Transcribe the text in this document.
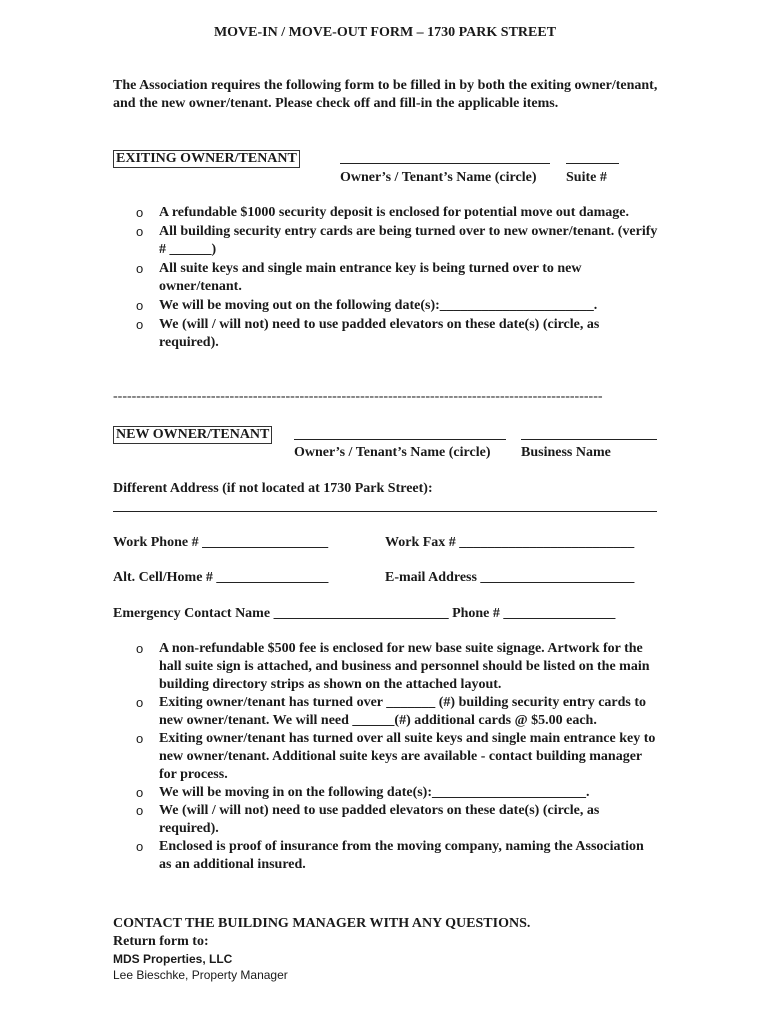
MOVE-IN / MOVE-OUT FORM – 1730 PARK STREET
The Association requires the following form to be filled in by both the exiting owner/tenant, and the new owner/tenant. Please check off and fill-in the applicable items.
EXITING OWNER/TENANT
Owner’s / Tenant’s Name (circle) Suite #
o A refundable $1000 security deposit is enclosed for potential move out damage.
o All building security entry cards are being turned over to new owner/tenant. (verify # ______)
o All suite keys and single main entrance key is being turned over to new owner/tenant.
o We will be moving out on the following date(s):______________________.
o We (will / will not) need to use padded elevators on these date(s) (circle, as required).
---------------------------------------------------------------------------------------------------------
NEW OWNER/TENANT
Owner’s / Tenant’s Name (circle) Business Name
Different Address (if not located at 1730 Park Street):
Work Phone # __________________	Work Fax # _________________________
Alt. Cell/Home # ________________	E-mail Address ______________________
Emergency Contact Name _________________________ Phone # ________________
o A non-refundable $500 fee is enclosed for new base suite signage. Artwork for the hall suite sign is attached, and business and personnel should be listed on the main building directory strips as shown on the attached layout.
o Exiting owner/tenant has turned over _______ (#) building security entry cards to new owner/tenant. We will need ______(#) additional cards @ $5.00 each.
o Exiting owner/tenant has turned over all suite keys and single main entrance key to new owner/tenant. Additional suite keys are available - contact building manager for process.
o We will be moving in on the following date(s):______________________.
o We (will / will not) need to use padded elevators on these date(s) (circle, as required).
o Enclosed is proof of insurance from the moving company, naming the Association as an additional insured.
CONTACT THE BUILDING MANAGER WITH ANY QUESTIONS.
Return form to:
MDS Properties, LLC
Lee Bieschke, Property Manager
